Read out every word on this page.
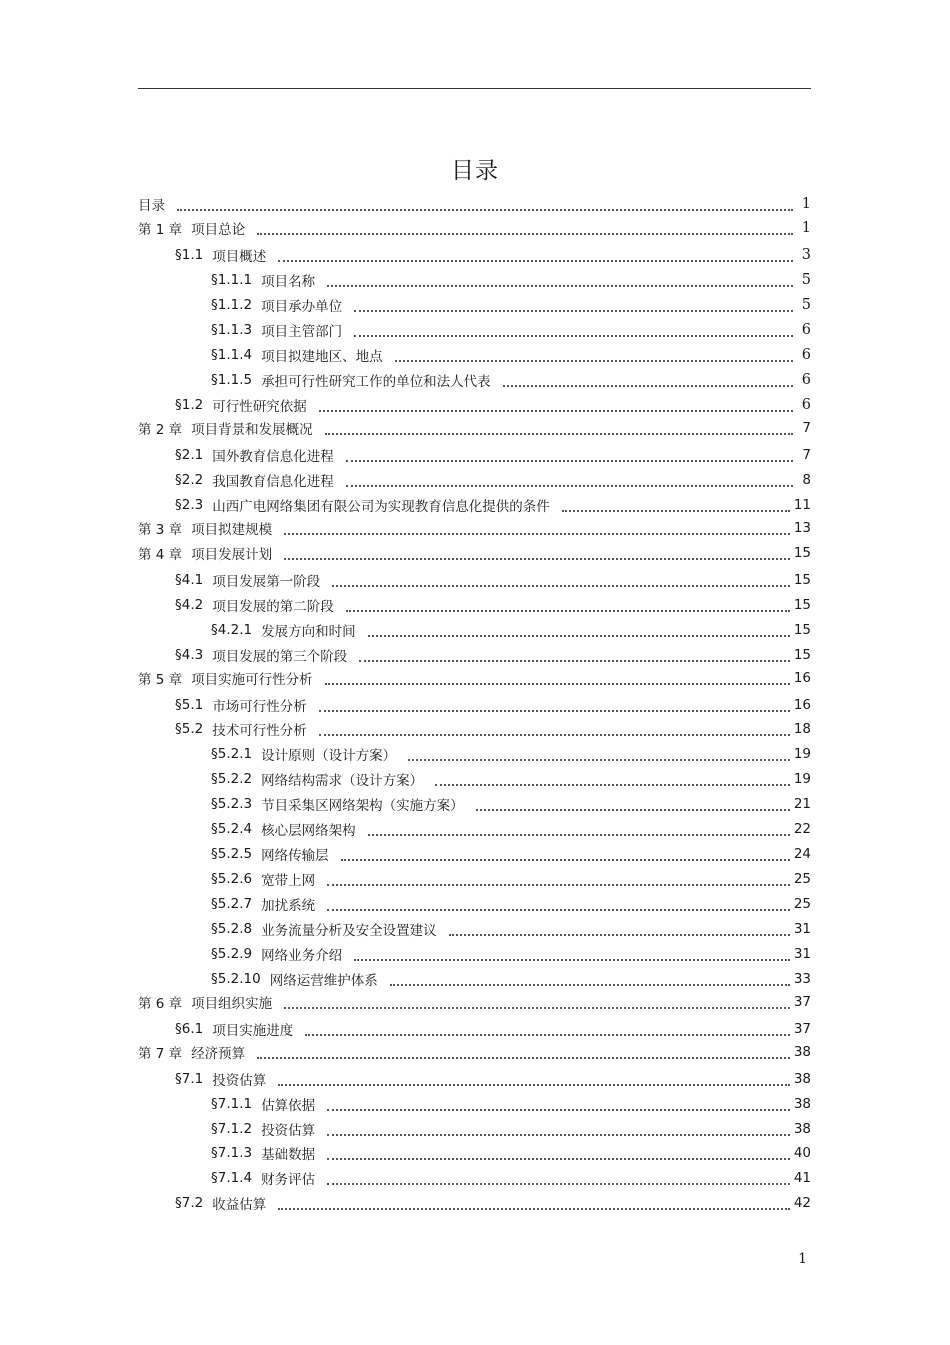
目录
目录	1
第 1 章 项目总论	1
§1.1 项目概述	3
§1.1.1 项目名称	5
§1.1.2 项目承办单位	5
§1.1.3 项目主管部门	6
§1.1.4 项目拟建地区、地点	6
§1.1.5 承担可行性研究工作的单位和法人代表	6
§1.2 可行性研究依据	6
第 2 章 项目背景和发展概况	7
§2.1 国外教育信息化进程	7
§2.2 我国教育信息化进程	8
§2.3 山西广电网络集团有限公司为实现教育信息化提供的条件	11
第 3 章 项目拟建规模	13
第 4 章 项目发展计划	15
§4.1 项目发展第一阶段	15
§4.2 项目发展的第二阶段	15
§4.2.1 发展方向和时间	15
§4.3 项目发展的第三个阶段	15
第 5 章 项目实施可行性分析	16
§5.1 市场可行性分析	16
§5.2 技术可行性分析	18
§5.2.1 设计原则（设计方案）	19
§5.2.2 网络结构需求（设计方案）	19
§5.2.3 节目采集区网络架构（实施方案）	21
§5.2.4 核心层网络架构	22
§5.2.5 网络传输层	24
§5.2.6 宽带上网	25
§5.2.7 加扰系统	25
§5.2.8 业务流量分析及安全设置建议	31
§5.2.9 网络业务介绍	31
§5.2.10 网络运营维护体系	33
第 6 章 项目组织实施	37
§6.1 项目实施进度	37
第 7 章 经济预算	38
§7.1 投资估算	38
§7.1.1 估算依据	38
§7.1.2 投资估算	38
§7.1.3 基础数据	40
§7.1.4 财务评估	41
§7.2 收益估算	42
1
